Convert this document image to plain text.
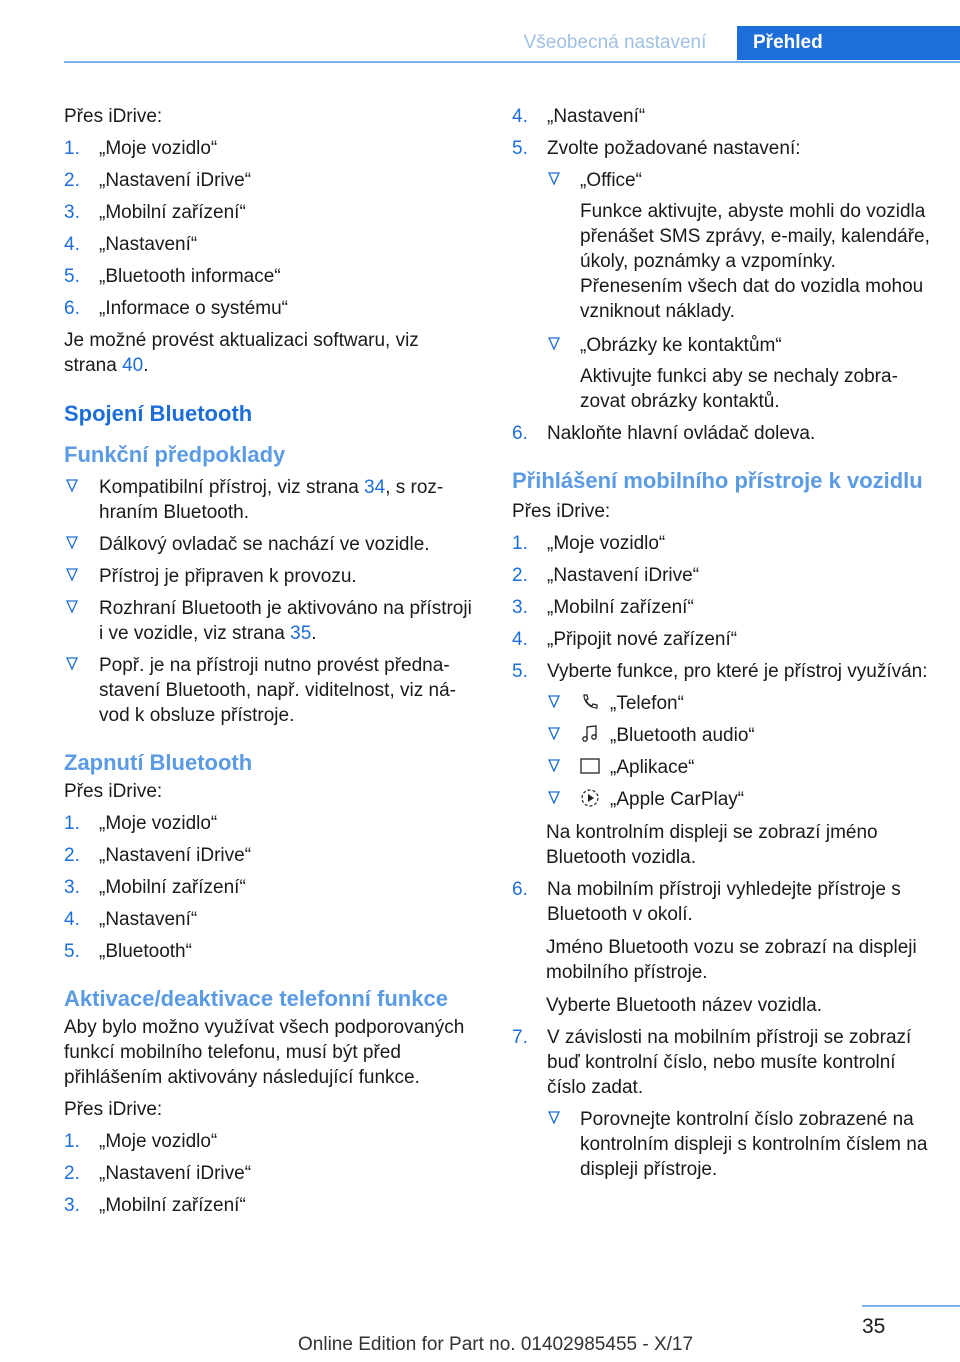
Všeobecná nastavení	Přehled
Přes iDrive:
1. „Moje vozidlo“
2. „Nastavení iDrive“
3. „Mobilní zařízení“
4. „Nastavení“
5. „Bluetooth informace“
6. „Informace o systému“
Je možné provést aktualizaci softwaru, viz strana 40.
Spojení Bluetooth
Funkční předpoklady
Kompatibilní přístroj, viz strana 34, s rozhraním Bluetooth.
Dálkový ovladač se nachází ve vozidle.
Přístroj je připraven k provozu.
Rozhraní Bluetooth je aktivováno na přístroji i ve vozidle, viz strana 35.
Popř. je na přístroji nutno provést přednastavení Bluetooth, např. viditelnost, viz návod k obsluze přístroje.
Zapnutí Bluetooth
Přes iDrive:
1. „Moje vozidlo“
2. „Nastavení iDrive“
3. „Mobilní zařízení“
4. „Nastavení“
5. „Bluetooth“
Aktivace/deaktivace telefonní funkce
Aby bylo možno využívat všech podporovaných funkcí mobilního telefonu, musí být před přihlášením aktivovány následující funkce.
Přes iDrive:
1. „Moje vozidlo“
2. „Nastavení iDrive“
3. „Mobilní zařízení“
4. „Nastavení“
5. Zvolte požadované nastavení:
„Office“
Funkce aktivujte, abyste mohli do vozidla přenášet SMS zprávy, e-maily, kalendáře, úkoly, poznámky a vzpomínky. Přenesením všech dat do vozidla mohou vzniknout náklady.
„Obrázky ke kontaktům“
Aktivujte funkci aby se nechaly zobrazovat obrázky kontaktů.
6. Nakloňte hlavní ovládač doleva.
Přihlášení mobilního přístroje k vozidlu
Přes iDrive:
1. „Moje vozidlo“
2. „Nastavení iDrive“
3. „Mobilní zařízení“
4. „Připojit nové zařízení“
5. Vyberte funkce, pro které je přístroj využíván:
„Telefon“
„Bluetooth audio“
„Aplikace“
„Apple CarPlay“
Na kontrolním displeji se zobrazí jméno Bluetooth vozidla.
6. Na mobilním přístroji vyhledejte přístroje s Bluetooth v okolí.
Jméno Bluetooth vozu se zobrazí na displeji mobilního přístroje.
Vyberte Bluetooth název vozidla.
7. V závislosti na mobilním přístroji se zobrazí buď kontrolní číslo, nebo musíte kontrolní číslo zadat.
Porovnejte kontrolní číslo zobrazené na kontrolním displeji s kontrolním číslem na displeji přístroje.
35
Online Edition for Part no. 01402985455 - X/17
